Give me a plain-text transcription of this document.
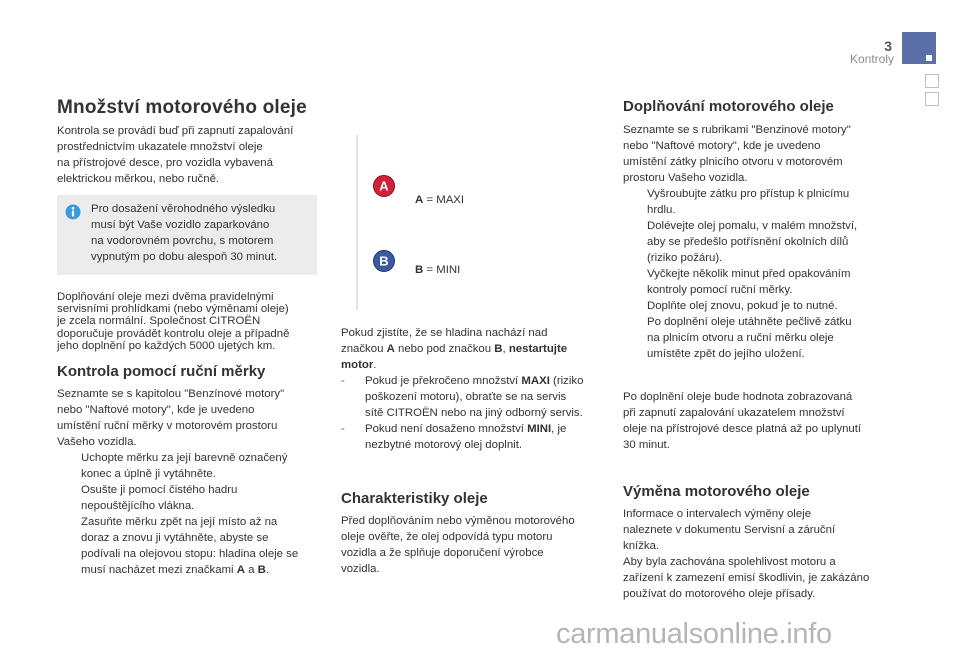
3
Kontroly
Množství motorového oleje
Kontrola se provádí buď při zapnutí zapalování
prostřednictvím ukazatele množství oleje
na přístrojové desce, pro vozidla vybavená
elektrickou měrkou, nebo ručně.
Pro dosažení věrohodného výsledku
musí být Vaše vozidlo zaparkováno
na vodorovném povrchu, s motorem
vypnutým po dobu alespoň 30 minut.
Doplňování oleje mezi dvěma pravidelnými
servisními prohlídkami (nebo výměnami oleje)
je zcela normální. Společnost CITROËN
doporučuje provádět kontrolu oleje a případně
jeho doplnění po každých 5000 ujetých km.
Kontrola pomocí ruční měrky
Seznamte se s kapitolou "Benzínové motory"
nebo "Naftové motory", kde je uvedeno
umístění ruční měrky v motorovém prostoru
Vašeho vozidla.
Uchopte měrku za její barevně označený
konec a úplně ji vytáhněte.
Osušte ji pomocí čistého hadru
nepouštějícího vlákna.
Zasuňte měrku zpět na její místo až na
doraz a znovu ji vytáhněte, abyste se
podívali na olejovou stopu: hladina oleje se
musí nacházet mezi značkami A a B.
A
B
A = MAXI
B = MINI
Pokud zjistíte, že se hladina nachází nad
značkou A nebo pod značkou B, nestartujte
motor.
- Pokud je překročeno množství MAXI (riziko
poškození motoru), obraťte se na servis
sítě CITROËN nebo na jiný odborný servis.
- Pokud není dosaženo množství MINI, je
nezbytné motorový olej doplnit.
Charakteristiky oleje
Před doplňováním nebo výměnou motorového
oleje ověřte, že olej odpovídá typu motoru
vozidla a že splňuje doporučení výrobce
vozidla.
Doplňování motorového oleje
Seznamte se s rubrikami "Benzinové motory"
nebo "Naftové motory", kde je uvedeno
umístění zátky plnicího otvoru v motorovém
prostoru Vašeho vozidla.
Vyšroubujte zátku pro přístup k plnicímu
hrdlu.
Dolévejte olej pomalu, v malém množství,
aby se předešlo potřísnění okolních dílů
(riziko požáru).
Vyčkejte několik minut před opakováním
kontroly pomocí ruční měrky.
Doplňte olej znovu, pokud je to nutné.
Po doplnění oleje utáhněte pečlivě zátku
na plnicím otvoru a ruční měrku oleje
umístěte zpět do jejího uložení.
Po doplnění oleje bude hodnota zobrazovaná
při zapnutí zapalování ukazatelem množství
oleje na přístrojové desce platná až po uplynutí
30 minut.
Výměna motorového oleje
Informace o intervalech výměny oleje
naleznete v dokumentu Servisní a záruční
knížka.
Aby byla zachována spolehlivost motoru a
zařízení k zamezení emisí škodlivin, je zakázáno
používat do motorového oleje přísady.
carmanualsonline.info
